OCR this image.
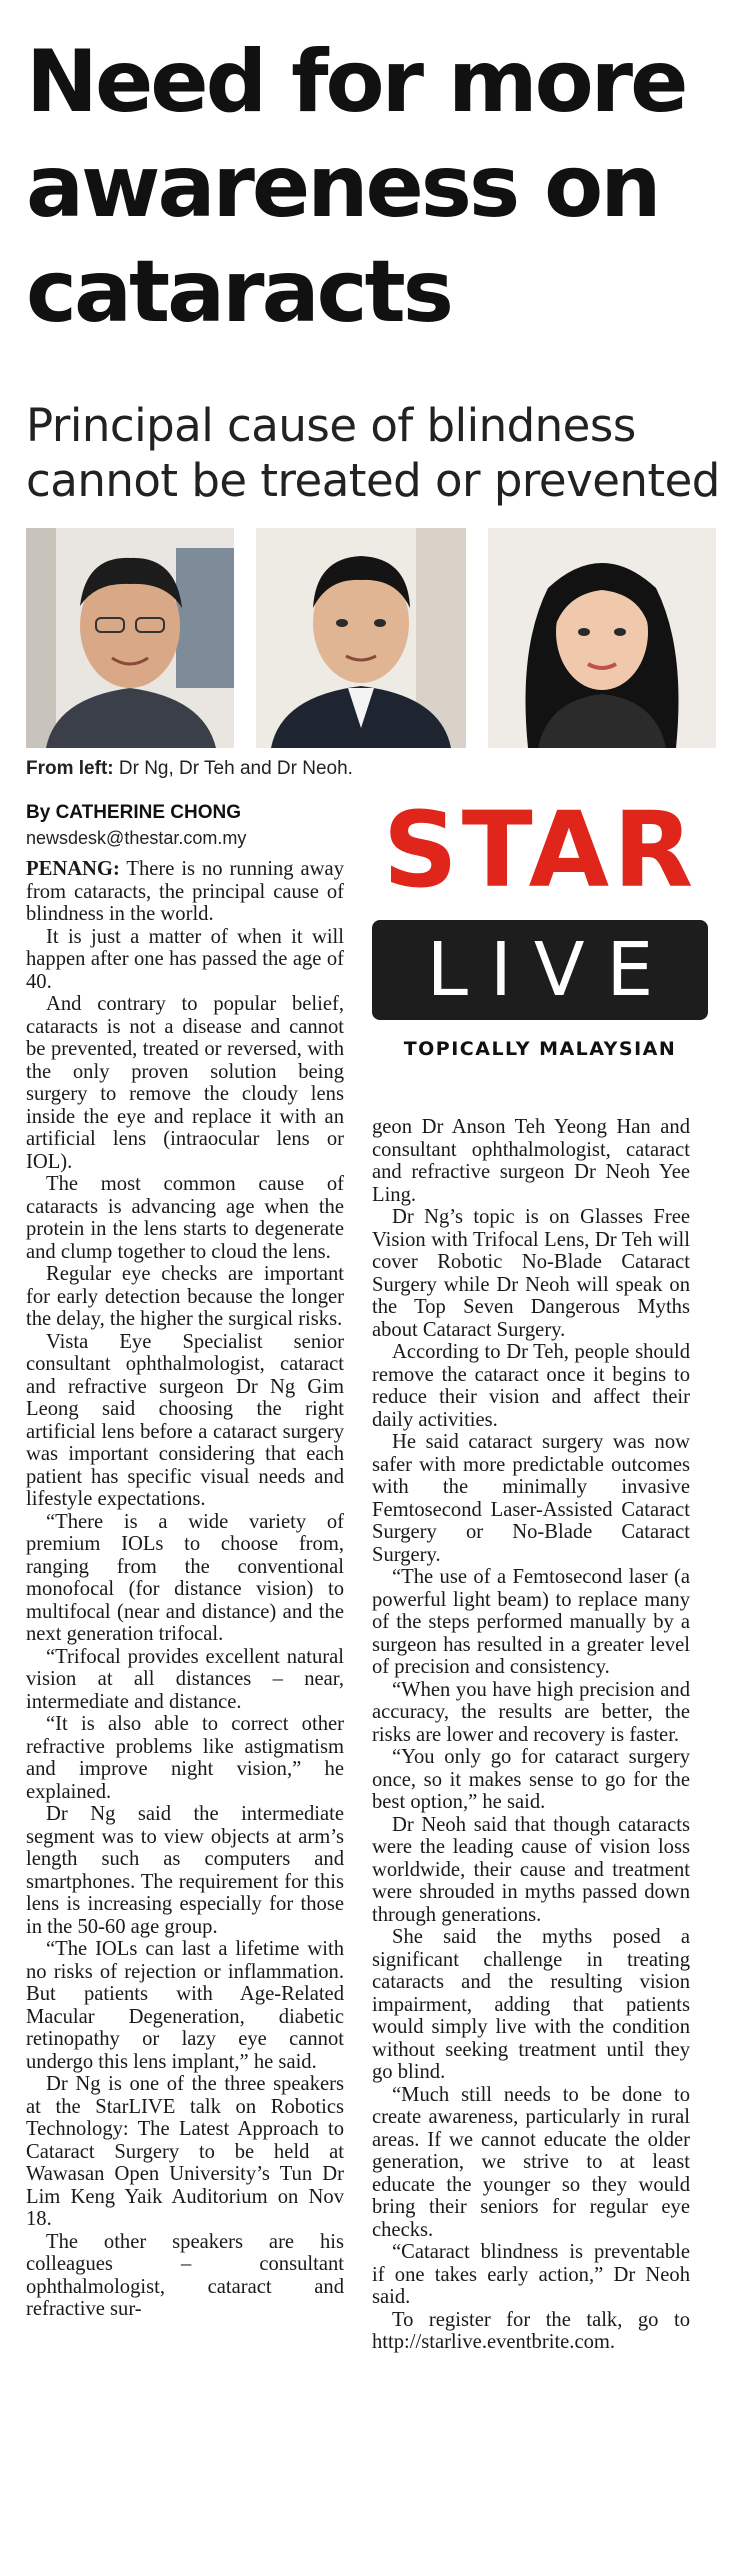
Need for more awareness on cataracts
Principal cause of blindness cannot be treated or prevented
From left: Dr Ng, Dr Teh and Dr Neoh.
By CATHERINE CHONG
newsdesk@thestar.com.my	STAR
LIVE
TOPICALLY MALAYSIAN

PENANG: There is no running away from cataracts, the principal cause of blindness in the world.

It is just a matter of when it will happen after one has passed the age of 40.

And contrary to popular belief, cataracts is not a disease and cannot be prevented, treated or reversed, with the only proven solution being surgery to remove the cloudy lens inside the eye and replace it with an artificial lens (intraocular lens or IOL).

The most common cause of cataracts is advancing age when the protein in the lens starts to degenerate and clump together to cloud the lens.

Regular eye checks are important for early detection because the longer the delay, the higher the surgical risks.

Vista Eye Specialist senior consultant ophthalmologist, cataract and refractive surgeon Dr Ng Gim Leong said choosing the right artificial lens before a cataract surgery was important considering that each patient has specific visual needs and lifestyle expectations.

“There is a wide variety of premium IOLs to choose from, ranging from the conventional monofocal (for distance vision) to multifocal (near and distance) and the next generation trifocal.

“Trifocal provides excellent natural vision at all distances – near, intermediate and distance.

“It is also able to correct other refractive problems like astigmatism and improve night vision,” he explained.

Dr Ng said the intermediate segment was to view objects at arm’s length such as computers and smartphones. The requirement for this lens is increasing especially for those in the 50-60 age group.

“The IOLs can last a lifetime with no risks of rejection or inflammation. But patients with Age-Related Macular Degeneration, diabetic retinopathy or lazy eye cannot undergo this lens implant,” he said.

Dr Ng is one of the three speakers at the StarLIVE talk on Robotics Technology: The Latest Approach to Cataract Surgery to be held at Wawasan Open University’s Tun Dr Lim Keng Yaik Auditorium on Nov 18.

The other speakers are his colleagues – consultant ophthalmologist, cataract and refractive sur-

geon Dr Anson Teh Yeong Han and consultant ophthalmologist, cataract and refractive surgeon Dr Neoh Yee Ling.

Dr Ng’s topic is on Glasses Free Vision with Trifocal Lens, Dr Teh will cover Robotic No-Blade Cataract Surgery while Dr Neoh will speak on the Top Seven Dangerous Myths about Cataract Surgery.

According to Dr Teh, people should remove the cataract once it begins to reduce their vision and affect their daily activities.

He said cataract surgery was now safer with more predictable outcomes with the minimally invasive Femtosecond Laser-Assisted Cataract Surgery or No-Blade Cataract Surgery.

“The use of a Femtosecond laser (a powerful light beam) to replace many of the steps performed manually by a surgeon has resulted in a greater level of precision and consistency.

“When you have high precision and accuracy, the results are better, the risks are lower and recovery is faster.

“You only go for cataract surgery once, so it makes sense to go for the best option,” he said.

Dr Neoh said that though cataracts were the leading cause of vision loss worldwide, their cause and treatment were shrouded in myths passed down through generations.

She said the myths posed a significant challenge in treating cataracts and the resulting vision impairment, adding that patients would simply live with the condition without seeking treatment until they go blind.

“Much still needs to be done to create awareness, particularly in rural areas. If we cannot educate the older generation, we strive to at least educate the younger so they would bring their seniors for regular eye checks.

“Cataract blindness is preventable if one takes early action,” Dr Neoh said.

To register for the talk, go to http://starlive.eventbrite.com.
